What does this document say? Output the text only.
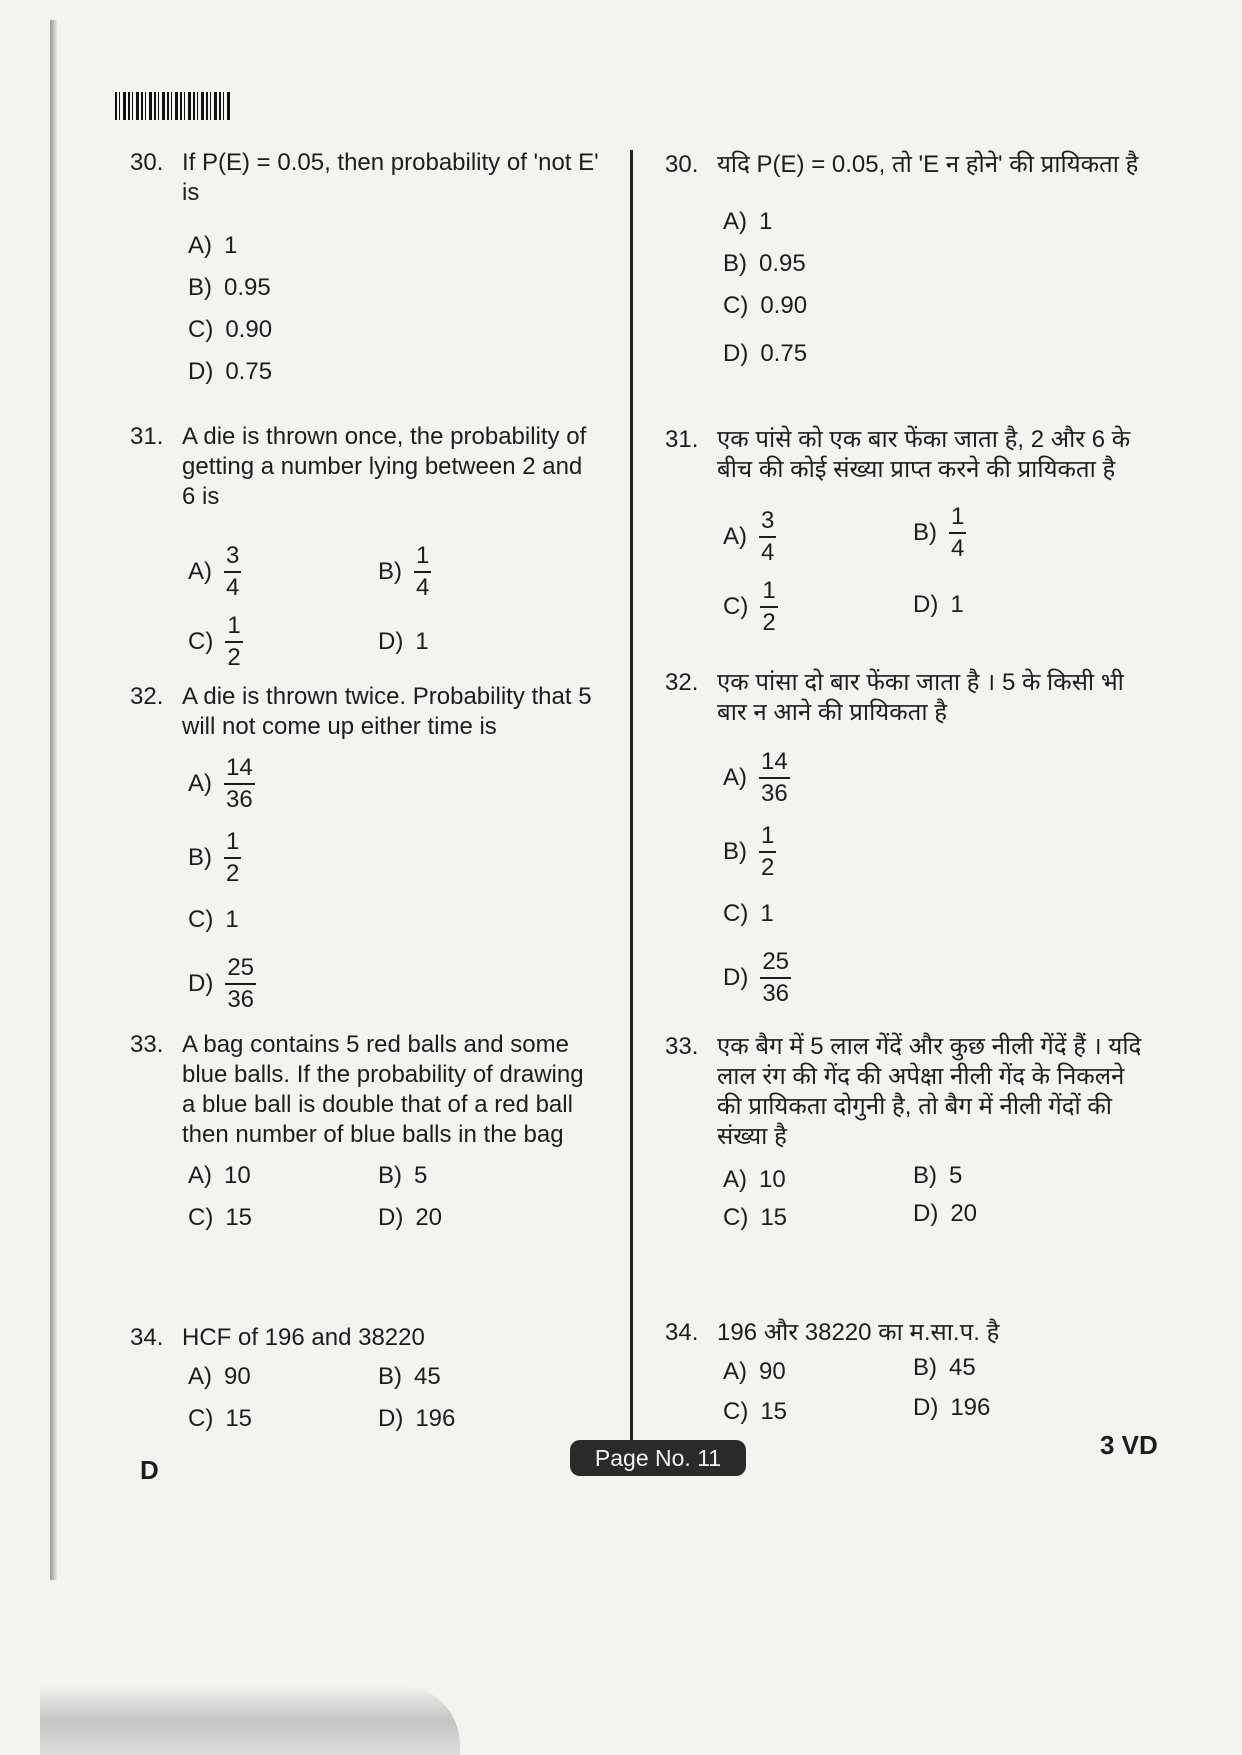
30. If P(E) = 0.05, then probability of 'not E' is
A) 1
B) 0.95
C) 0.90
D) 0.75
31. A die is thrown once, the probability of getting a number lying between 2 and 6 is
$A) \frac{3}{4}$	$B) \frac{1}{4}$
$C) \frac{1}{2}$	D) 1
32. A die is thrown twice. Probability that 5 will not come up either time is
$A) \frac{14}{36}$
$B) \frac{1}{2}$
C) 1
$D) \frac{25}{36}$
33. A bag contains 5 red balls and some blue balls. If the probability of drawing a blue ball is double that of a red ball then number of blue balls in the bag
A) 10	B) 5
C) 15	D) 20
34. HCF of 196 and 38220
A) 90	B) 45
C) 15	D) 196
30. यदि P(E) = 0.05, तो 'E न होने' की प्रायिकता है
A) 1
B) 0.95
C) 0.90
D) 0.75
31. एक पांसे को एक बार फेंका जाता है, 2 और 6 के बीच की कोई संख्या प्राप्त करने की प्रायिकता है
$A) \frac{3}{4}$	$B) \frac{1}{4}$
$C) \frac{1}{2}$	D) 1
32. एक पांसा दो बार फेंका जाता है । 5 के किसी भी बार न आने की प्रायिकता है
$A) \frac{14}{36}$
$B) \frac{1}{2}$
C) 1
$D) \frac{25}{36}$
33. एक बैग में 5 लाल गेंदें और कुछ नीली गेंदें हैं । यदि लाल रंग की गेंद की अपेक्षा नीली गेंद के निकलने की प्रायिकता दोगुनी है, तो बैग में नीली गेंदों की संख्या है
A) 10	B) 5
C) 15	D) 20
34. 196 और 38220 का म.सा.प. है
A) 90	B) 45
C) 15	D) 196
D	Page No. 11	3 VD
